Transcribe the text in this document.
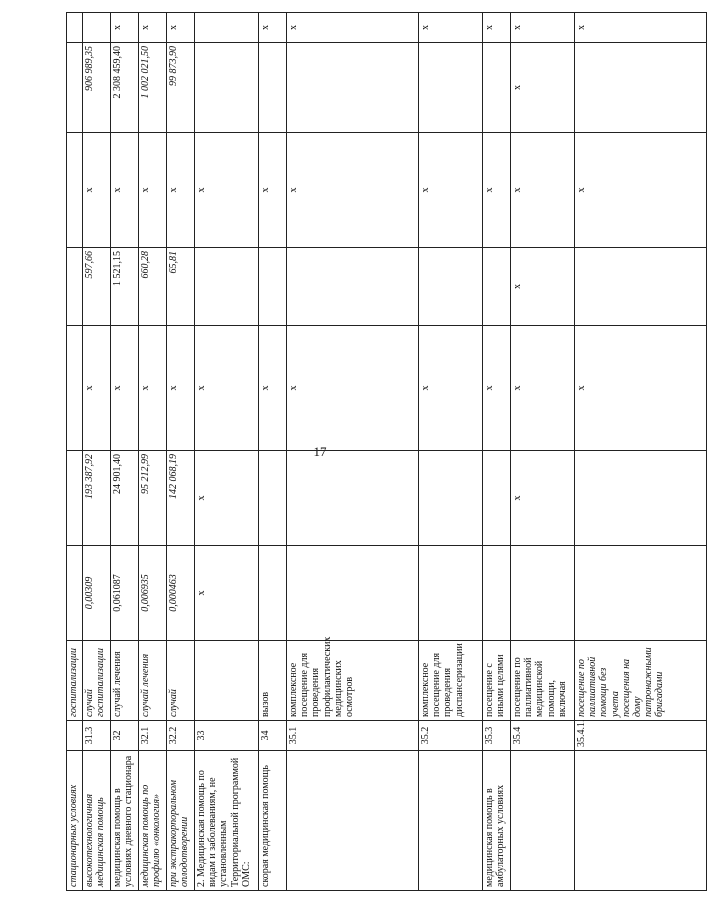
17
стационарных условиях		госпитализации							
высокотехнологичная медицинская помощь	31.3	случай госпитализации	0,00309	193 387,92	х	597,66	х	906 989,35	
медицинская помощь в условиях дневного стационара	32	случай лечения	0,061087	24 901,40	х	1 521,15	х	2 308 459,40	х
медицинская помощь по профилю «онкология»	32.1	случай лечения	0,006935	95 212,99	х	660,28	х	1 002 021,50	х
при экстракорпоральном оплодотворении	32.2	случай	0,000463	142 068,19	х	65,81	х	99 873,90	х
2. Медицинская помощь по видам и заболеваниям, не установленным Территориальной программой ОМС:	33		х	х	х		х		
скорая медицинская помощь	34	вызов			х		х		х
	35.1	комплексное посещение для проведения профилактических медицинских осмотров			х		х		х
	35.2	комплексное посещение для проведения диспансеризации			х		х		х
медицинская помощь в амбулаторных условиях	35.3	посещение с иными целями			х		х		х
	35.4	посещение по паллиативной медицинской помощи, включая		х	х	х	х	х	х
	35.4.1.	посещение по паллиативной помощи без учета посещения на дому патронажными бригадами			х		х		х
